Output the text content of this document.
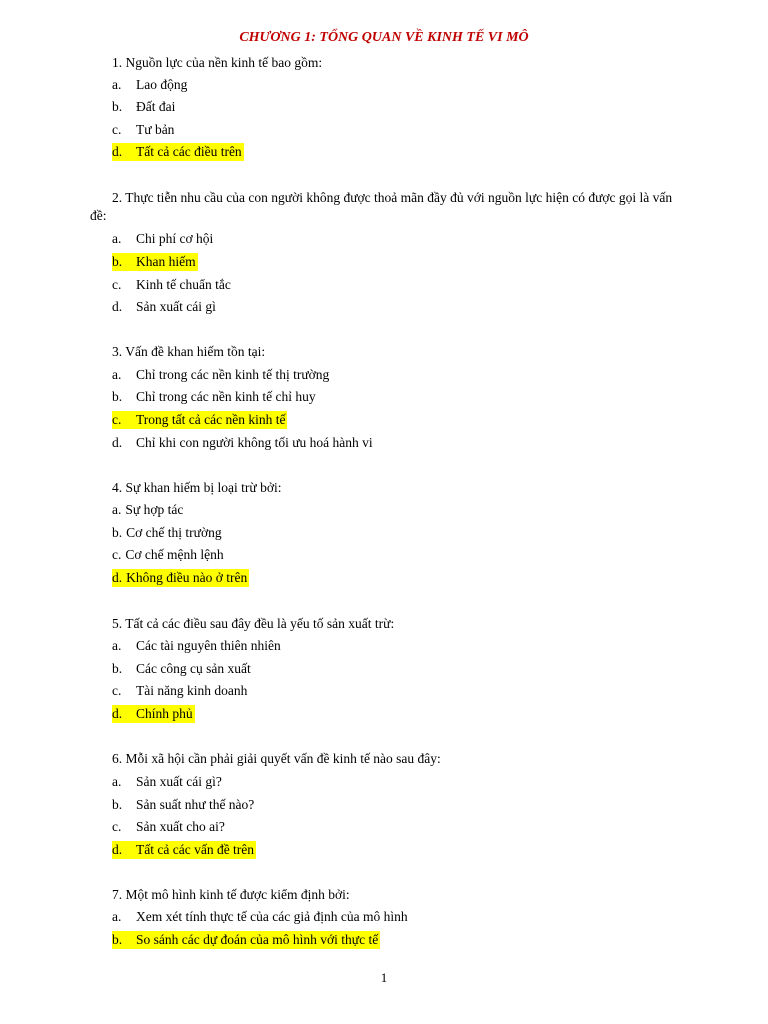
CHƯƠNG 1: TỔNG QUAN VỀ KINH TẾ VI MÔ
1. Nguồn lực của nền kinh tế bao gồm:
a. Lao động
b. Đất đai
c. Tư bản
d. Tất cả các điều trên
2. Thực tiễn nhu cầu của con người không được thoả mãn đầy đủ với nguồn lực hiện có được gọi là vấn đề:
a. Chi phí cơ hội
b. Khan hiếm
c. Kinh tế chuẩn tắc
d. Sản xuất cái gì
3. Vấn đề khan hiếm tồn tại:
a. Chỉ trong các nền kinh tế thị trường
b. Chỉ trong các nền kinh tế chỉ huy
c. Trong tất cả các nền kinh tế
d. Chỉ khi con người không tối ưu hoá hành vi
4. Sự khan hiếm bị loại trừ bởi:
a. Sự hợp tác
b. Cơ chế thị trường
c. Cơ chế mệnh lệnh
d. Không điều nào ở trên
5. Tất cả các điều sau đây đều là yếu tố sản xuất trừ:
a. Các tài nguyên thiên nhiên
b. Các công cụ sản xuất
c. Tài năng kinh doanh
d. Chính phủ
6. Mỗi xã hội cần phải giải quyết vấn đề kinh tế nào sau đây:
a. Sản xuất cái gì?
b. Sản suất như thế nào?
c. Sản xuất cho ai?
d. Tất cả các vấn đề trên
7. Một mô hình kinh tế được kiểm định bởi:
a. Xem xét tính thực tế của các giả định của mô hình
b. So sánh các dự đoán của mô hình với thực tế
1
